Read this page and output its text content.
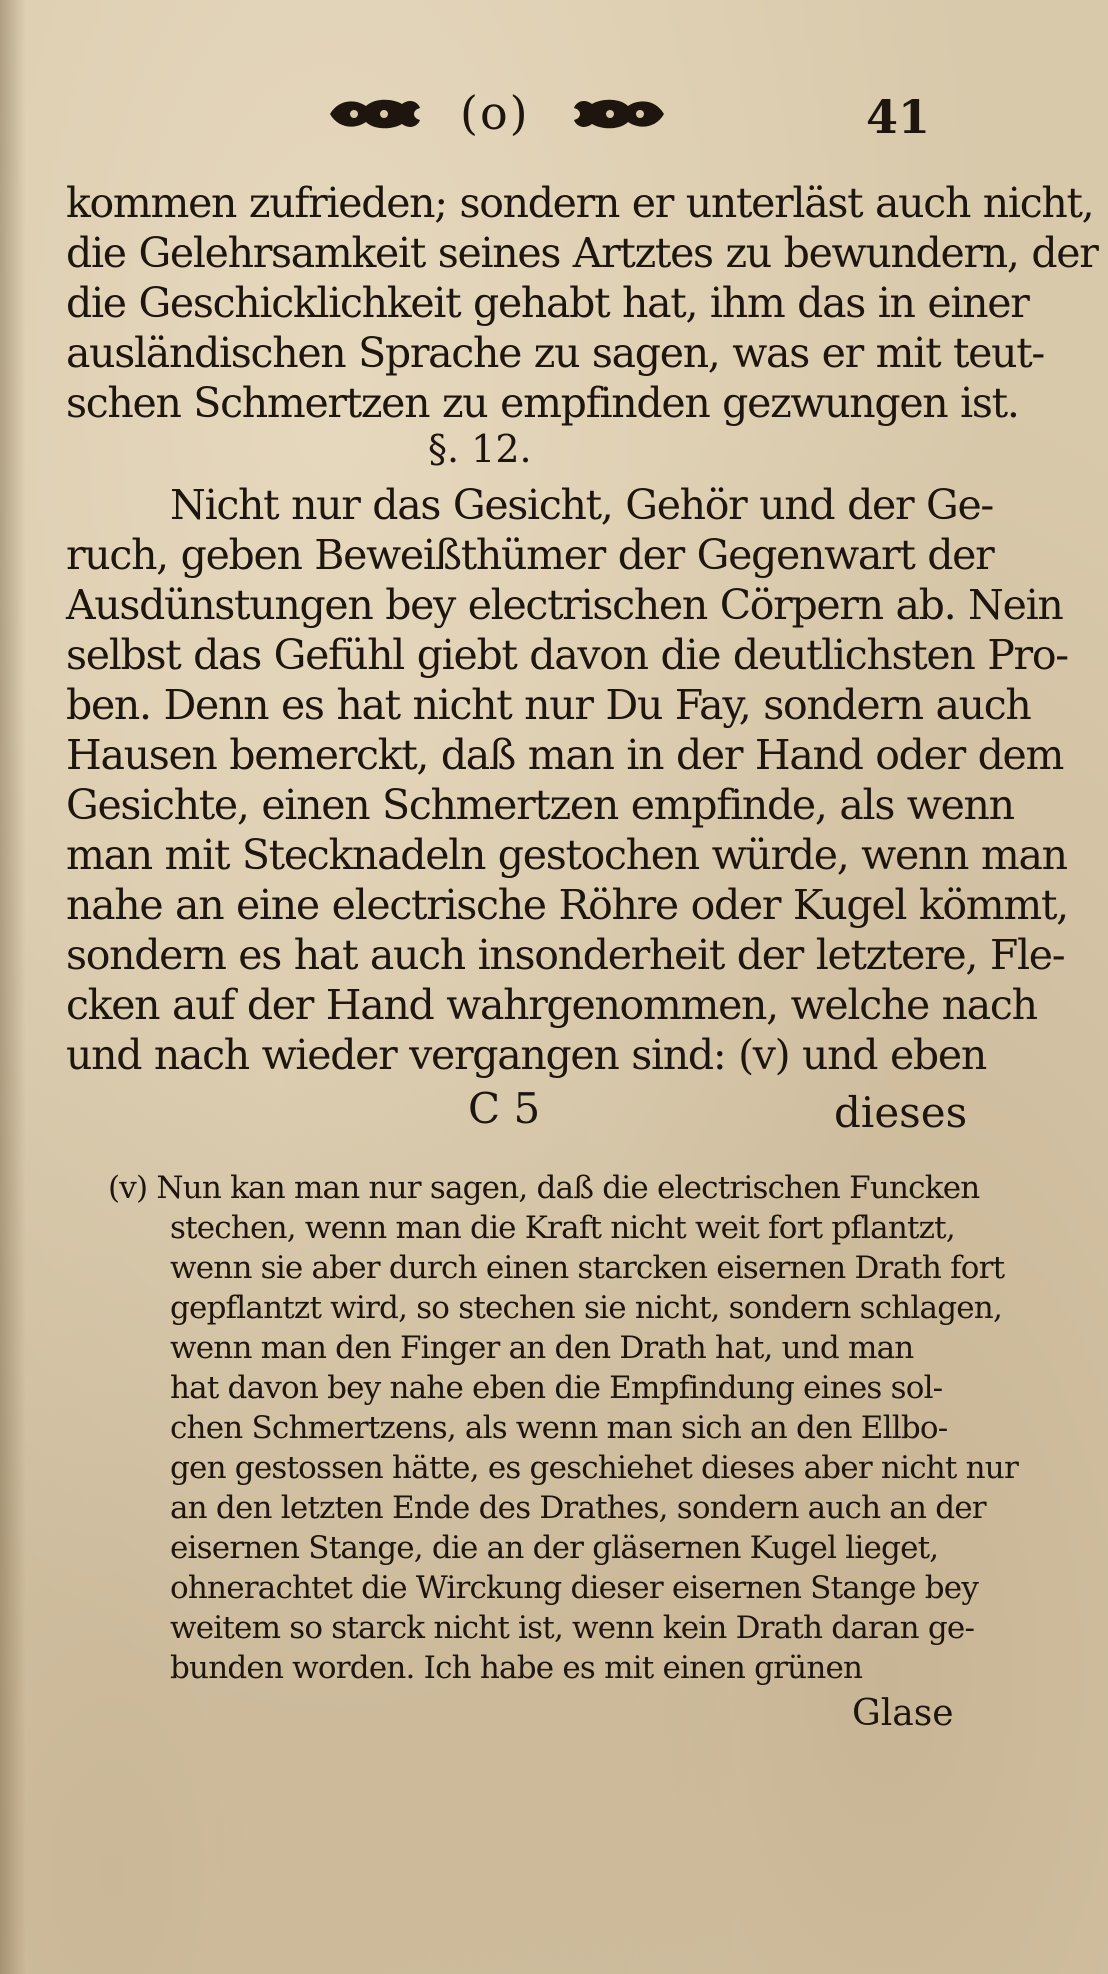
(o)	41

kommen zufrieden; sondern er unterläst auch nicht,

die Gelehrsamkeit seines Artztes zu bewundern, der

die Geschicklichkeit gehabt hat, ihm das in einer

ausländischen Sprache zu sagen, was er mit teut-

schen Schmertzen zu empfinden gezwungen ist.

§. 12.

Nicht nur das Gesicht, Gehör und der Ge-

ruch, geben Beweißthümer der Gegenwart der

Ausdünstungen bey electrischen Cörpern ab. Nein

selbst das Gefühl giebt davon die deutlichsten Pro-

ben. Denn es hat nicht nur Du Fay, sondern auch

Hausen bemerckt, daß man in der Hand oder dem

Gesichte, einen Schmertzen empfinde, als wenn

man mit Stecknadeln gestochen würde, wenn man

nahe an eine electrische Röhre oder Kugel kömmt,

sondern es hat auch insonderheit der letztere, Fle-

cken auf der Hand wahrgenommen, welche nach

und nach wieder vergangen sind: (v) und eben

C 5	dieses

(v) Nun kan man nur sagen, daß die electrischen Funcken

stechen, wenn man die Kraft nicht weit fort pflantzt,

wenn sie aber durch einen starcken eisernen Drath fort

gepflantzt wird, so stechen sie nicht, sondern schlagen,

wenn man den Finger an den Drath hat, und man

hat davon bey nahe eben die Empfindung eines sol-

chen Schmertzens, als wenn man sich an den Ellbo-

gen gestossen hätte, es geschiehet dieses aber nicht nur

an den letzten Ende des Drathes, sondern auch an der

eisernen Stange, die an der gläsernen Kugel lieget,

ohnerachtet die Wirckung dieser eisernen Stange bey

weitem so starck nicht ist, wenn kein Drath daran ge-

bunden worden. Ich habe es mit einen grünen

Glase
